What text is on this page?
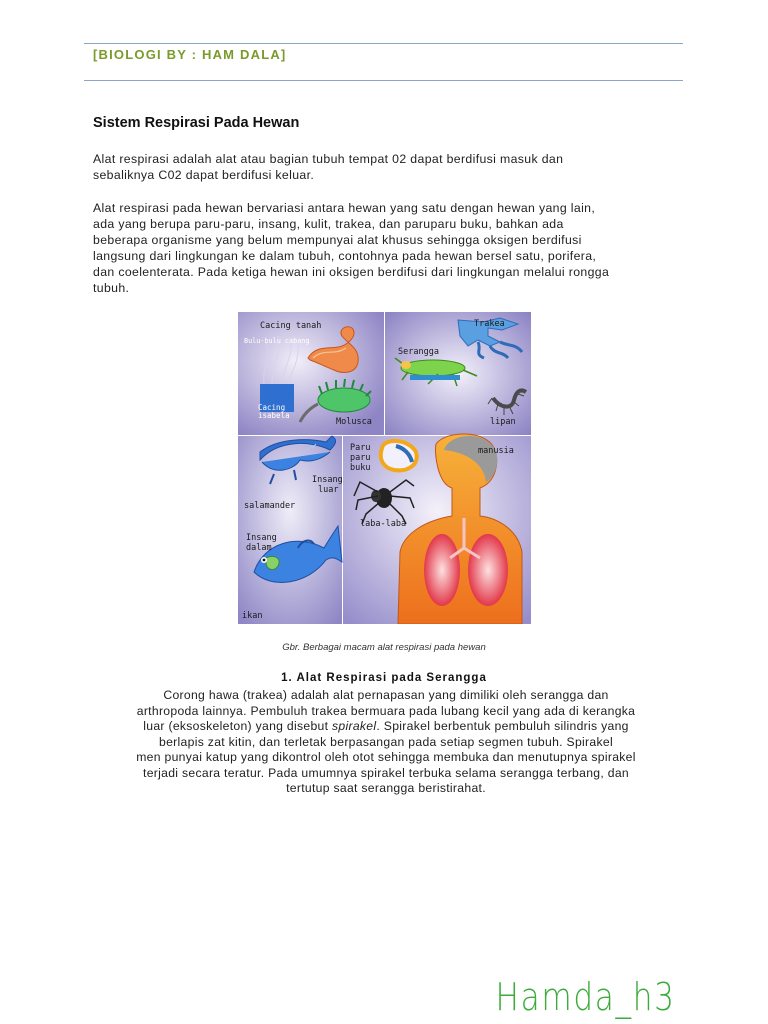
[BIOLOGI BY : HAM DALA]
Sistem Respirasi Pada Hewan
Alat respirasi adalah alat atau bagian tubuh tempat 02 dapat berdifusi masuk dan
sebaliknya C02 dapat berdifusi keluar.
Alat respirasi pada hewan bervariasi antara hewan yang satu dengan hewan yang lain,
ada yang berupa paru-paru, insang, kulit, trakea, dan paruparu buku, bahkan ada
beberapa organisme yang belum mempunyai alat khusus sehingga oksigen berdifusi
langsung dari lingkungan ke dalam tubuh, contohnya pada hewan bersel satu, porifera,
dan coelenterata. Pada ketiga hewan ini oksigen berdifusi dari lingkungan melalui rongga
tubuh.
Cacing tanah
Bulu-bulu cabang
Cacing
isabela
Molusca
Trakea
Serangga
lipan
Paru
paru
buku
manusia
Insang
luar
salamander
laba-laba
Insang
dalam
ikan
Gbr. Berbagai macam alat respirasi pada hewan
1. Alat Respirasi pada Serangga
Corong hawa (trakea) adalah alat pernapasan yang dimiliki oleh serangga dan
arthropoda lainnya. Pembuluh trakea bermuara pada lubang kecil yang ada di kerangka
luar (eksoskeleton) yang disebut spirakel. Spirakel berbentuk pembuluh silindris yang
berlapis zat kitin, dan terletak berpasangan pada setiap segmen tubuh. Spirakel
men punyai katup yang dikontrol oleh otot sehingga membuka dan menutupnya spirakel
terjadi secara teratur. Pada umumnya spirakel terbuka selama serangga terbang, dan
tertutup saat serangga beristirahat.
Hamda_h3
